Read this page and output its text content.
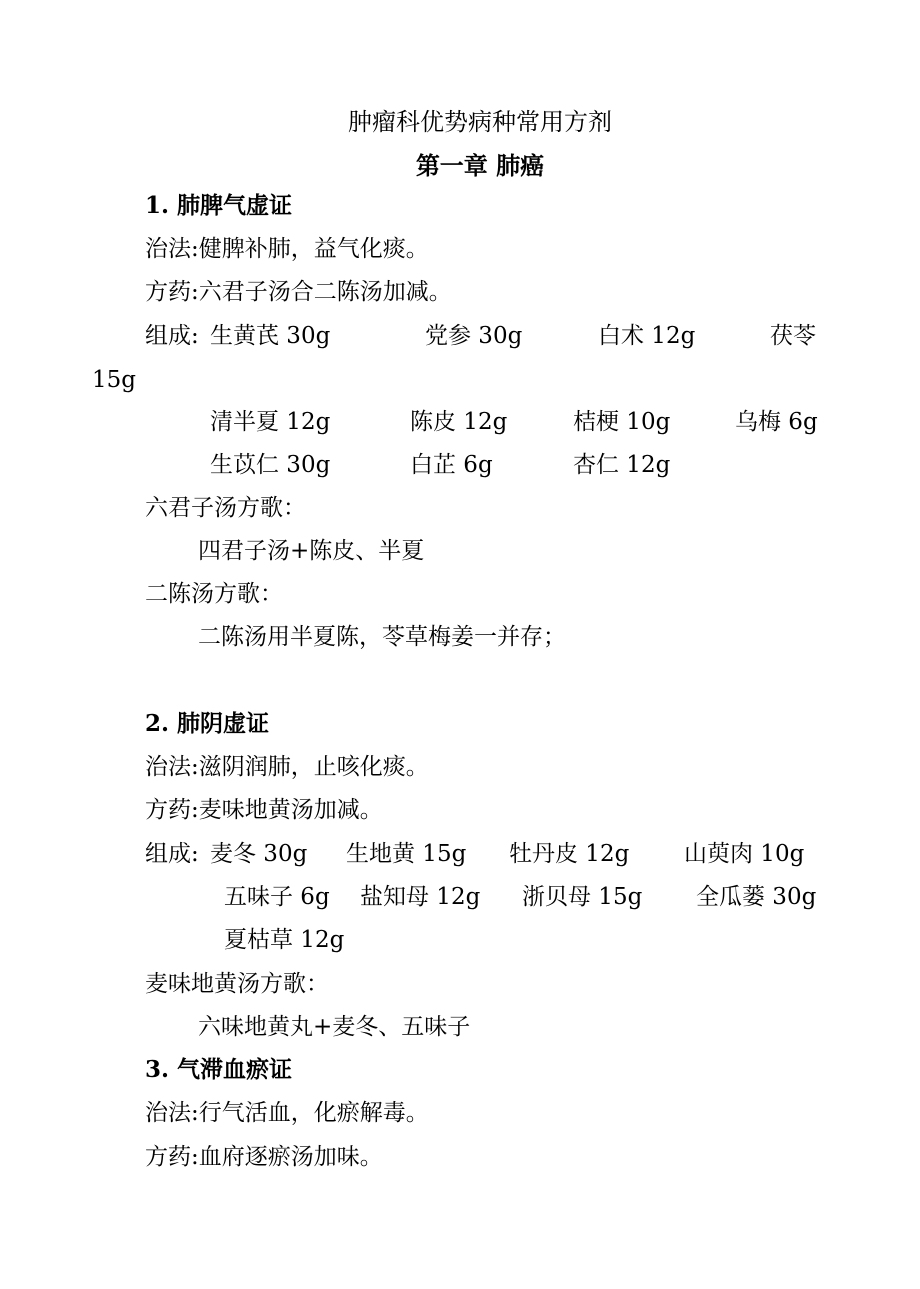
肿瘤科优势病种常用方剂
第一章 肺癌
1. 肺脾气虚证
治法:健脾补肺，益气化痰。
方药:六君子汤合二陈汤加减。
组成: 生黄芪 30g	党参 30g	白术 12g	茯苓
15g
清半夏 12g	陈皮 12g	桔梗 10g	乌梅 6g
生苡仁 30g	白芷 6g	杏仁 12g
六君子汤方歌：
四君子汤+陈皮、半夏
二陈汤方歌：
二陈汤用半夏陈，苓草梅姜一并存；
2. 肺阴虚证
治法:滋阴润肺，止咳化痰。
方药:麦味地黄汤加减。
组成: 麦冬 30g 生地黄 15g 牡丹皮 12g 山萸肉 10g
五味子 6g 盐知母 12g 浙贝母 15g 全瓜蒌 30g
夏枯草 12g
麦味地黄汤方歌：
六味地黄丸+麦冬、五味子
3. 气滞血瘀证
治法:行气活血，化瘀解毒。
方药:血府逐瘀汤加味。
